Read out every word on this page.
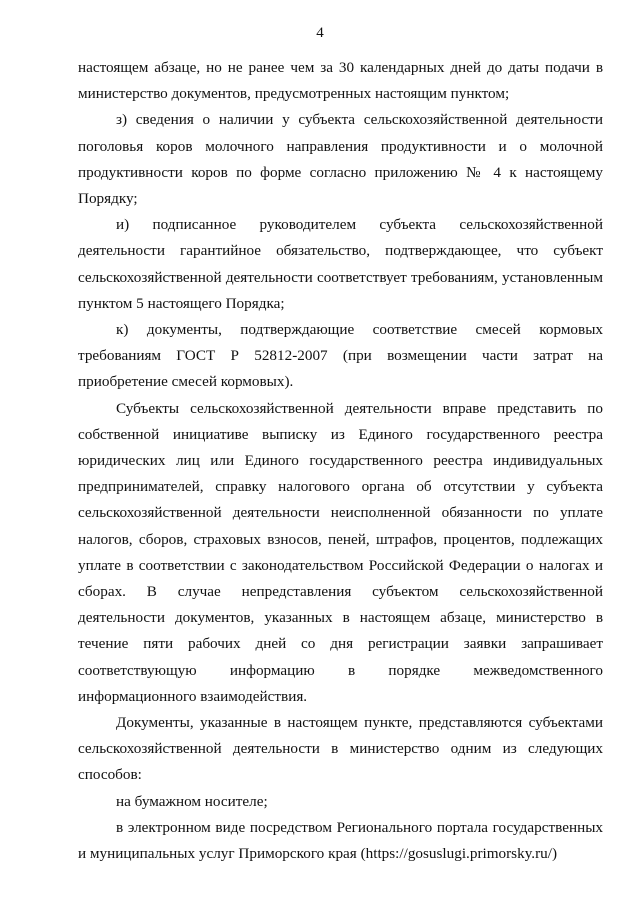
4

настоящем абзаце, но не ранее чем за 30 календарных дней до даты подачи в министерство документов, предусмотренных настоящим пунктом;

з) сведения о наличии у субъекта сельскохозяйственной деятельности поголовья коров молочного направления продуктивности и о молочной продуктивности коров по форме согласно приложению № 4 к настоящему Порядку;

и) подписанное руководителем субъекта сельскохозяйственной деятельности гарантийное обязательство, подтверждающее, что субъект сельскохозяйственной деятельности соответствует требованиям, установленным пунктом 5 настоящего Порядка;

к) документы, подтверждающие соответствие смесей кормовых требованиям ГОСТ Р 52812-2007 (при возмещении части затрат на приобретение смесей кормовых).

Субъекты сельскохозяйственной деятельности вправе представить по собственной инициативе выписку из Единого государственного реестра юридических лиц или Единого государственного реестра индивидуальных предпринимателей, справку налогового органа об отсутствии у субъекта сельскохозяйственной деятельности неисполненной обязанности по уплате налогов, сборов, страховых взносов, пеней, штрафов, процентов, подлежащих уплате в соответствии с законодательством Российской Федерации о налогах и сборах. В случае непредставления субъектом сельскохозяйственной деятельности документов, указанных в настоящем абзаце, министерство в течение пяти рабочих дней со дня регистрации заявки запрашивает соответствующую информацию в порядке межведомственного информационного взаимодействия.

Документы, указанные в настоящем пункте, представляются субъектами сельскохозяйственной деятельности в министерство одним из следующих способов:

на бумажном носителе;

в электронном виде посредством Регионального портала государственных и муниципальных услуг Приморского края (https://gosuslugi.primorsky.ru/)
